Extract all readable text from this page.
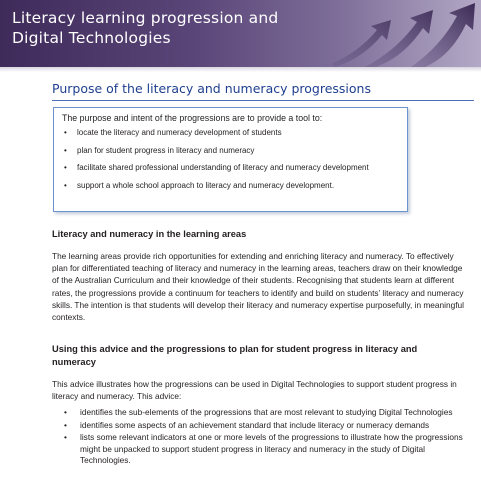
Literacy learning progression and
Digital Technologies
Purpose of the literacy and numeracy progressions

The purpose and intent of the progressions are to provide a tool to:

• locate the literacy and numeracy development of students
• plan for student progress in literacy and numeracy
• facilitate shared professional understanding of literacy and numeracy development
• support a whole school approach to literacy and numeracy development.
Literacy and numeracy in the learning areas
The learning areas provide rich opportunities for extending and enriching literacy and numeracy. To effectively plan for differentiated teaching of literacy and numeracy in the learning areas, teachers draw on their knowledge of the Australian Curriculum and their knowledge of their students. Recognising that students learn at different rates, the progressions provide a continuum for teachers to identify and build on students’ literacy and numeracy skills. The intention is that students will develop their literacy and numeracy expertise purposefully, in meaningful contexts.
Using this advice and the progressions to plan for student progress in literacy and numeracy
This advice illustrates how the progressions can be used in Digital Technologies to support student progress in literacy and numeracy. This advice:
• identifies the sub-elements of the progressions that are most relevant to studying Digital Technologies
• identifies some aspects of an achievement standard that include literacy or numeracy demands
• lists some relevant indicators at one or more levels of the progressions to illustrate how the progressions might be unpacked to support student progress in literacy and numeracy in the study of Digital Technologies.
